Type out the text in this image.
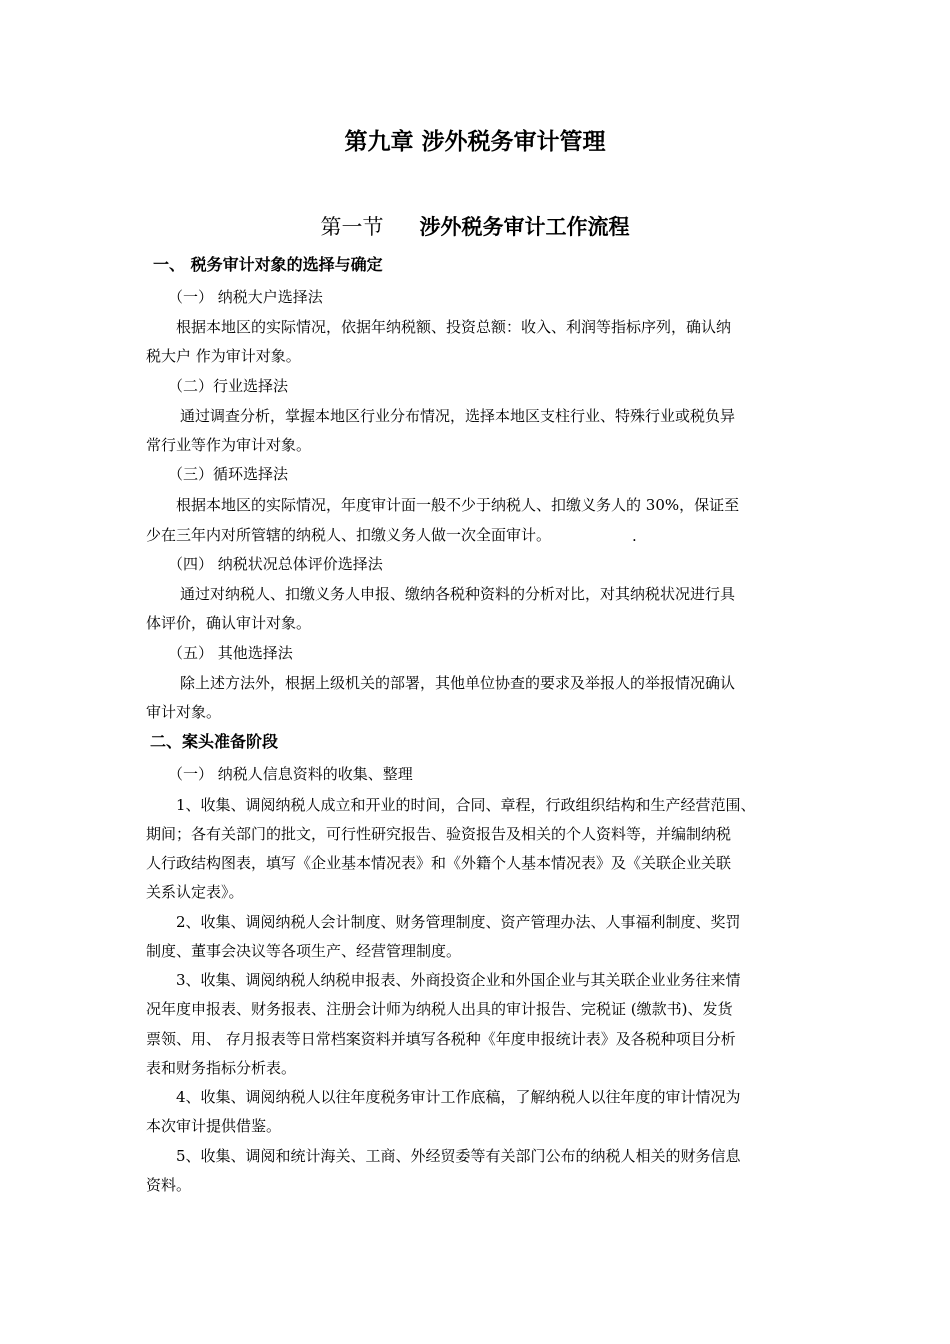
第九章 涉外税务审计管理
第一节 涉外税务审计工作流程
一、 税务审计对象的选择与确定
（一） 纳税大户选择法
根据本地区的实际情况，依据年纳税额、投资总额：收入、利润等指标序列，确认纳
税大户 作为审计对象。
（二）行业选择法
通过调查分析，掌握本地区行业分布情况，选择本地区支柱行业、特殊行业或税负异
常行业等作为审计对象。
（三）循环选择法
根据本地区的实际情况，年度审计面一般不少于纳税人、扣缴义务人的 30%，保证至
少在三年内对所管辖的纳税人、扣缴义务人做一次全面审计。	.
（四） 纳税状况总体评价选择法
通过对纳税人、扣缴义务人申报、缴纳各税种资料的分析对比，对其纳税状况进行具
体评价，确认审计对象。
（五） 其他选择法
除上述方法外，根据上级机关的部署，其他单位协查的要求及举报人的举报情况确认
审计对象。
二、案头准备阶段
（一） 纳税人信息资料的收集、整理
1、收集、调阅纳税人成立和开业的时间，合同、章程，行政组织结构和生产经营范围、
期间；各有关部门的批文，可行性研究报告、验资报告及相关的个人资料等，并编制纳税
人行政结构图表，填写《企业基本情况表》和《外籍个人基本情况表》及《关联企业关联
关系认定表》。
2、收集、调阅纳税人会计制度、财务管理制度、资产管理办法、人事福利制度、奖罚
制度、董事会决议等各项生产、经营管理制度。
3、收集、调阅纳税人纳税申报表、外商投资企业和外国企业与其关联企业业务往来情
况年度申报表、财务报表、注册会计师为纳税人出具的审计报告、完税证 (缴款书)、发货
票领、用、 存月报表等日常档案资料并填写各税种《年度申报统计表》及各税种项目分析
表和财务指标分析表。
4、收集、调阅纳税人以往年度税务审计工作底稿，了解纳税人以往年度的审计情况为
本次审计提供借鉴。
5、收集、调阅和统计海关、工商、外经贸委等有关部门公布的纳税人相关的财务信息
资料。
